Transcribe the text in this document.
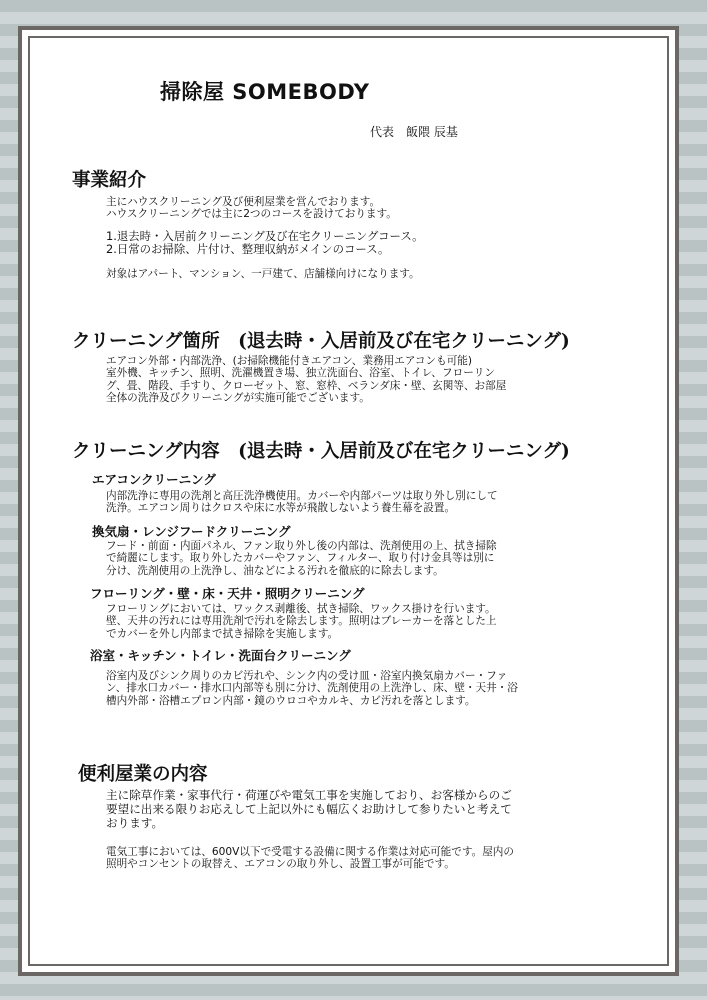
掃除屋 SOMEBODY
代表　飯隈 辰基
事業紹介
主にハウスクリーニング及び便利屋業を営んでおります。
ハウスクリーニングでは主に2つのコースを設けております。
1.退去時・入居前クリーニング及び在宅クリーニングコース。
2.日常のお掃除、片付け、整理収納がメインのコース。
対象はアパート、マンション、一戸建て、店舗様向けになります。
クリーニング箇所　(退去時・入居前及び在宅クリーニング)
エアコン外部・内部洗浄、(お掃除機能付きエアコン、業務用エアコンも可能)
室外機、キッチン、照明、洗濯機置き場、独立洗面台、浴室、トイレ、フローリン
グ、畳、階段、手すり、クローゼット、窓、窓枠、ベランダ床・壁、玄関等、お部屋
全体の洗浄及びクリーニングが实施可能でございます。
クリーニング内容　(退去時・入居前及び在宅クリーニング)
エアコンクリーニング
内部洗浄に専用の洗剤と高圧洗浄機使用。カバーや内部パーツは取り外し別にして
洗浄。エアコン周りはクロスや床に水等が飛散しないよう養生幕を設置。
換気扇・レンジフードクリーニング
フード・前面・内面パネル、ファン取り外し後の内部は、洗剤使用の上、拭き掃除
で綺麗にします。取り外したカバーやファン、フィルター、取り付け金具等は別に
分け、洗剤使用の上洗浄し、油などによる汚れを徹底的に除去します。
フローリング・壁・床・天井・照明クリーニング
フローリングにおいては、ワックス剥離後、拭き掃除、ワックス掛けを行います。
壁、天井の汚れには専用洗剤で汚れを除去します。照明はブレーカーを落とした上
でカバーを外し内部まで拭き掃除を実施します。
浴室・キッチン・トイレ・洗面台クリーニング
浴室内及びシンク周りのカビ汚れや、シンク内の受け皿・浴室内換気扇カバー・ファ
ン、排水口カバー・排水口内部等も別に分け、洗剤使用の上洗浄し、床、壁・天井・浴
槽内外部・浴槽エプロン内部・鏡のウロコやカルキ、カビ汚れを落とします。
便利屋業の内容
主に除草作業・家事代行・荷運びや電気工事を実施しており、お客様からのご
要望に出来る限りお応えして上記以外にも幅広くお助けして参りたいと考えて
おります。
電気工事においては、600V以下で受電する設備に関する作業は対応可能です。屋内の
照明やコンセントの取替え、エアコンの取り外し、設置工事が可能です。
